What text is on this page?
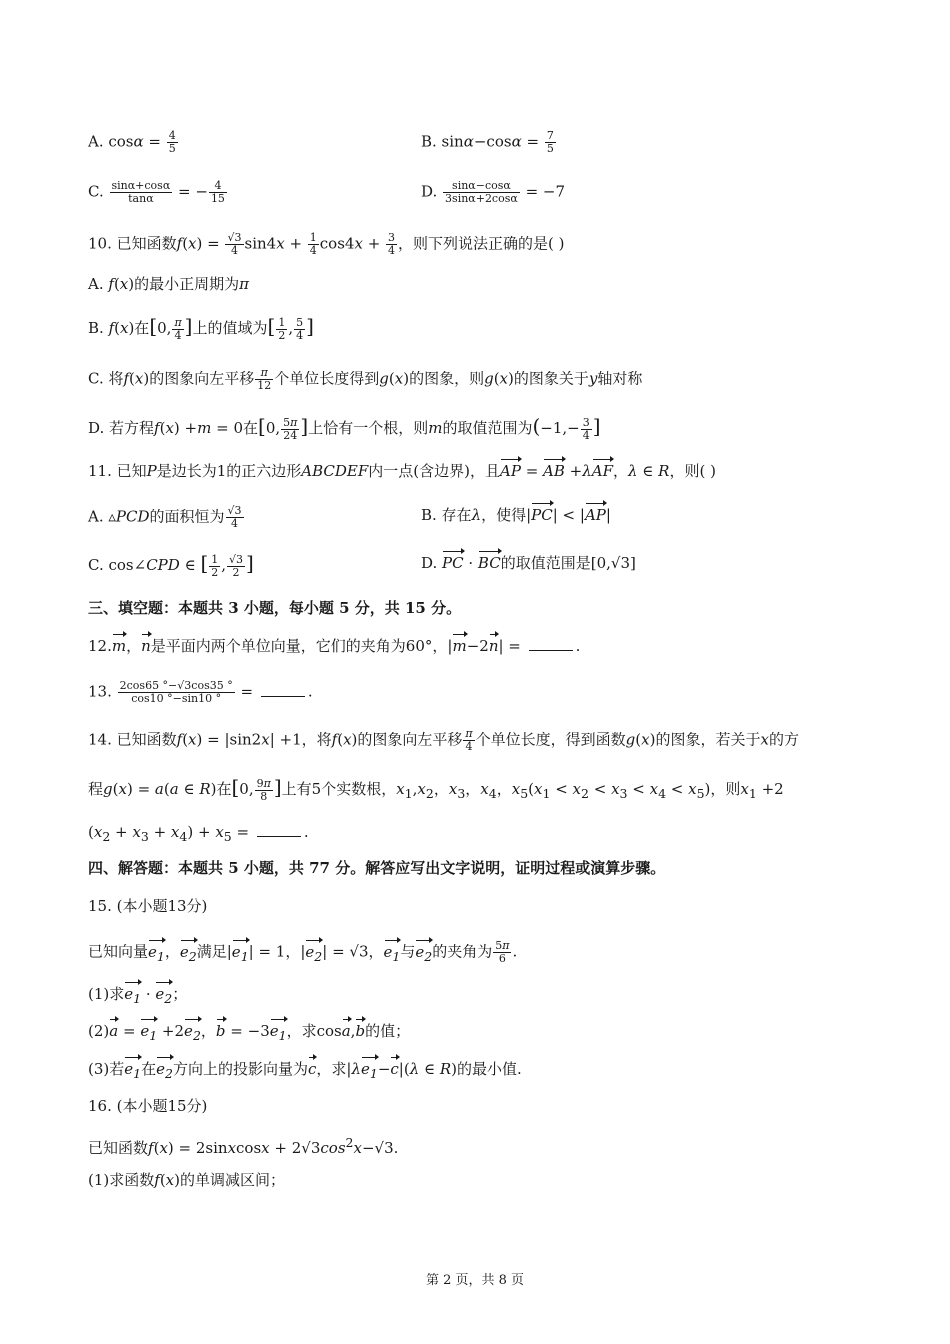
A. $\cos\alpha = \frac{4}{5}$	B. $\sin\alpha-\cos\alpha = \frac{7}{5}$
C. $\frac{\sin\alpha+\cos\alpha}{\tan\alpha}$ = − $\frac{4}{15}$	D. $\frac{\sin\alpha-\cos\alpha}{3\sin\alpha+2\cos\alpha} = -7$
10. 已知函数$f(x) = \frac{√3}{4} \sin 4x + \frac{1}{4} \cos 4x + \frac{3}{4}$ ，则下列说法正确的是( )
A. f(x)的最小正周期为π
B. f(x)在[0, $\frac{\pi}{4}$ ]上的值域为[ $\frac{1}{2}$ , $\frac{5}{4}$ ]
C. 将f(x)的图象向左平移 $\frac{\pi}{12}$ 个单位长度得到g(x)的图象，则g(x)的图象关于y轴对称
D. 若方程f(x) +m = 0在[0, $\frac{5\pi}{24}$ ]上恰有一个根，则m的取值范围为($-1,- \frac{3}{4}$ ]
11. 已知P是边长为1的正六边形ABCDEF内一点(含边界)，且AP = AB +λAF，λ ∈ R，则( )
A. ▵PCD的面积恒为 $\frac{√3}{4}$	B. 存在λ，使得|PC| < |AP|
C. cos∠CPD ∈ [ $\frac{1}{2}$ , $\frac{√3}{2}$ ]	D. PC · BC的取值范围是[0,√3]
三、填空题：本题共 3 小题，每小题 5 分，共 15 分。
12.m，n是平面内两个单位向量，它们的夹角为60°，|m−2n| =	.
13. $\frac{2\cos 65 ^\circ-√3\cos 35 ^\circ}{\cos 10 ^\circ-\sin 10 ^\circ}$ =	.
14. 已知函数f(x) = |sin2x| +1，将f(x)的图象向左平移 $\frac{\pi}{4}$ 个单位长度，得到函数g(x)的图象，若关于x的方
程g(x) = a(a ∈ R)在[0, $\frac{9\pi}{8}$ ]上有5个实数根，$x_1,x_2$，$x_3$，$x_4$，$x_5(x_1 < x_2 < x_3 < x_4 < x_5)$，则$x_1 +2$
$(x_2 + x_3 + x_4) + x_5$ =	.
四、解答题：本题共 5 小题，共 77 分。解答应写出文字说明，证明过程或演算步骤。
15. (本小题13分)
已知向量$e_1$，$e_2$满足$|e_1| = 1$，$|e_2| = √3$，$e_1$与$e_2$的夹角为 $\frac{5\pi}{6}$ .
(1)求$e_1 \cdot e_2$；
$(2)a = e_1 +2e_2$，$b = -3e_1$，求cosa,b的值；
(3)若$e_1$在$e_2$方向上的投影向量为c，求$|\lambda e_1-c|(\lambda$ ∈ R)的最小值.
16. (本小题15分)
已知函数f(x) = 2sinxcosx + $2√3\cos^2x-√3$.
(1)求函数f(x)的单调减区间；
第 2 页，共 8 页
